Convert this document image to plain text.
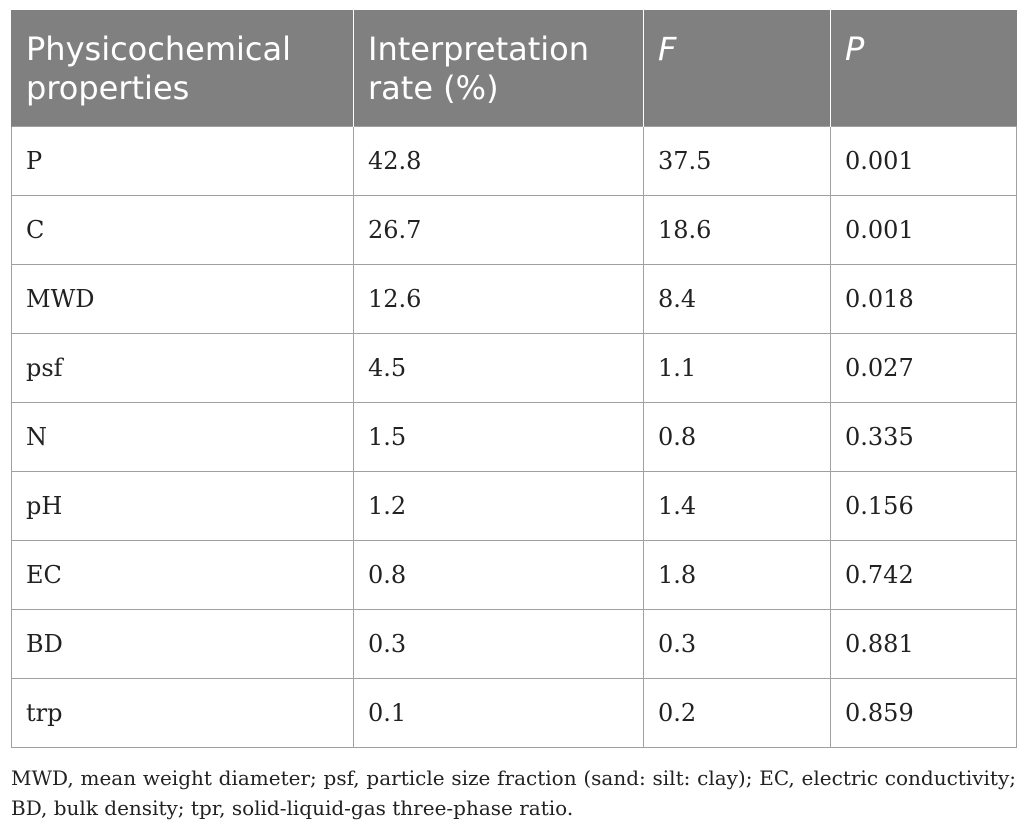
Physicochemical properties	Interpretation rate (%)	F	P
P	42.8	37.5	0.001
C	26.7	18.6	0.001
MWD	12.6	8.4	0.018
psf	4.5	1.1	0.027
N	1.5	0.8	0.335
pH	1.2	1.4	0.156
EC	0.8	1.8	0.742
BD	0.3	0.3	0.881
trp	0.1	0.2	0.859
MWD, mean weight diameter; psf, particle size fraction (sand: silt: clay); EC, electric conductivity; BD, bulk density; tpr, solid-liquid-gas three-phase ratio.
